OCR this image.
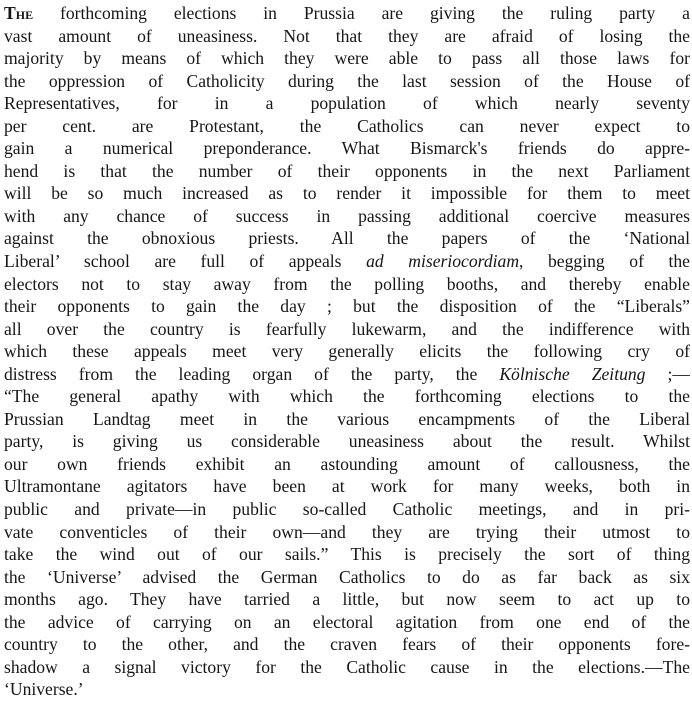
The forthcoming elections in Prussia are giving the ruling party a
vast amount of uneasiness. Not that they are afraid of losing the
majority by means of which they were able to pass all those laws for
the oppression of Catholicity during the last session of the House of
Representatives, for in a population of which nearly seventy
per cent. are Protestant, the Catholics can never expect to
gain a numerical preponderance. What Bismarck's friends do appre-
hend is that the number of their opponents in the next Parliament
will be so much increased as to render it impossible for them to meet
with any chance of success in passing additional coercive measures
against the obnoxious priests. All the papers of the ‘National
Liberal’ school are full of appeals ad miseriocordiam, begging of the
electors not to stay away from the polling booths, and thereby enable
their opponents to gain the day ; but the disposition of the “Liberals”
all over the country is fearfully lukewarm, and the indifference with
which these appeals meet very generally elicits the following cry of
distress from the leading organ of the party, the Kölnische Zeitung ;—
“The general apathy with which the forthcoming elections to the
Prussian Landtag meet in the various encampments of the Liberal
party, is giving us considerable uneasiness about the result. Whilst
our own friends exhibit an astounding amount of callousness, the
Ultramontane agitators have been at work for many weeks, both in
public and private—in public so-called Catholic meetings, and in pri-
vate conventicles of their own—and they are trying their utmost to
take the wind out of our sails.” This is precisely the sort of thing
the ‘Universe’ advised the German Catholics to do as far back as six
months ago. They have tarried a little, but now seem to act up to
the advice of carrying on an electoral agitation from one end of the
country to the other, and the craven fears of their opponents fore-
shadow a signal victory for the Catholic cause in the elections.—The
‘Universe.’
